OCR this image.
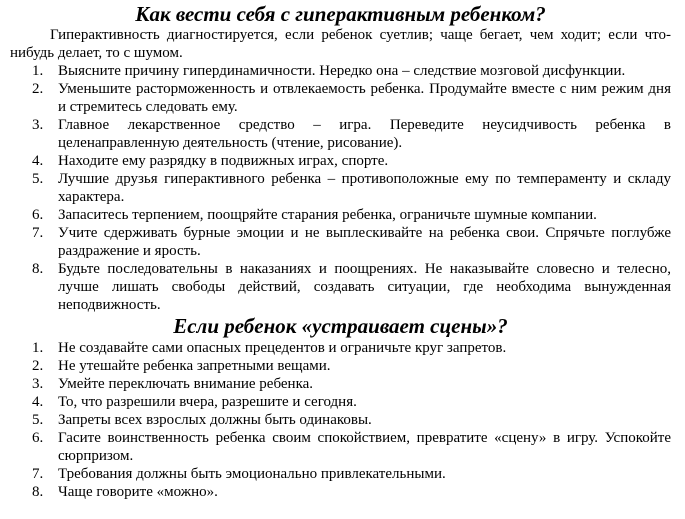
Как вести себя с гиперактивным ребенком?

Гиперактивность диагностируется, если ребенок суетлив; чаще бегает, чем ходит; если что-нибудь делает, то с шумом.

1. Выясните причину гипердинамичности. Нередко она – следствие мозговой дисфункции.
2. Уменьшите расторможенность и отвлекаемость ребенка. Продумайте вместе с ним режим дня и стремитесь следовать ему.
3. Главное лекарственное средство – игра. Переведите неусидчивость ребенка в целенаправленную деятельность (чтение, рисование).
4. Находите ему разрядку в подвижных играх, спорте.
5. Лучшие друзья гиперактивного ребенка – противоположные ему по темпераменту и складу характера.
6. Запаситесь терпением, поощряйте старания ребенка, ограничьте шумные компании.
7. Учите сдерживать бурные эмоции и не выплескивайте на ребенка свои. Спрячьте поглубже раздражение и ярость.
8. Будьте последовательны в наказаниях и поощрениях. Не наказывайте словесно и телесно, лучше лишать свободы действий, создавать ситуации, где необходима вынужденная неподвижность.
Если ребенок «устраивает сцены»?
1. Не создавайте сами опасных прецедентов и ограничьте круг запретов.
2. Не утешайте ребенка запретными вещами.
3. Умейте переключать внимание ребенка.
4. То, что разрешили вчера, разрешите и сегодня.
5. Запреты всех взрослых должны быть одинаковы.
6. Гасите воинственность ребенка своим спокойствием, превратите «сцену» в игру. Успокойте сюрпризом.
7. Требования должны быть эмоционально привлекательными.
8. Чаще говорите «можно».
